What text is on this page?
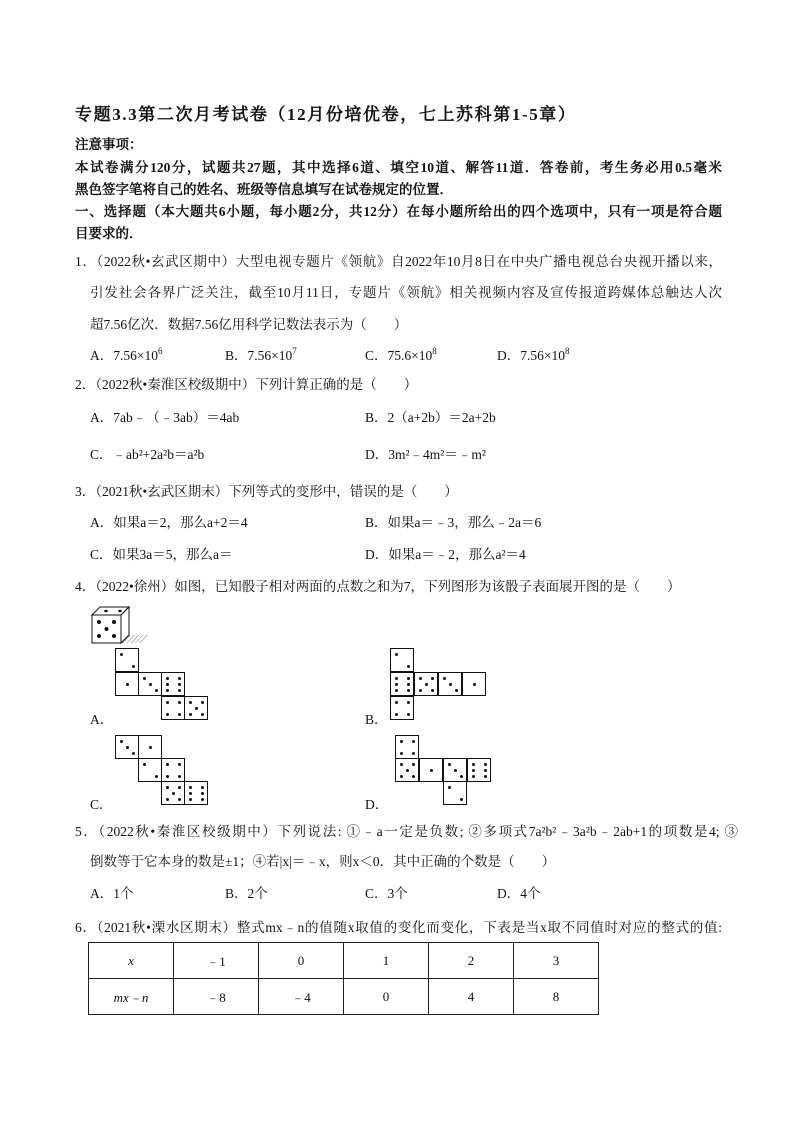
专题3.3第二次月考试卷（12月份培优卷，七上苏科第1-5章）
注意事项：
本试卷满分120分，试题共27题，其中选择6道、填空10道、解答11道．答卷前，考生务必用0.5毫米
黑色签字笔将自己的姓名、班级等信息填写在试卷规定的位置．
一、选择题（本大题共6小题，每小题2分，共12分）在每小题所给出的四个选项中，只有一项是符合题
目要求的．
1．（2022秋•玄武区期中）大型电视专题片《领航》自2022年10月8日在中央广播电视总台央视开播以来，
引发社会各界广泛关注，截至10月11日，专题片《领航》相关视频内容及宣传报道跨媒体总触达人次
超7.56亿次．数据7.56亿用科学记数法表示为（　　）
A．$7.56\times 10^6$	B．$7.56\times 10^7$	C．$75.6\times 10^8$	D．$7.56\times 10^8$
2．（2022秋•秦淮区校级期中）下列计算正确的是（　　）
A．7ab﹣（﹣3ab）＝4ab	B．2（a+2b）＝2a+2b
C．﹣ab²+2a²b＝a²b	D．3m²﹣4m²＝﹣m²
3．（2021秋•玄武区期末）下列等式的变形中，错误的是（　　）
A．如果a＝2，那么a+2＝4	B．如果a＝﹣3，那么﹣2a＝6
C．如果3a＝5，那么a＝	D．如果a＝﹣2，那么a²＝4
4．（2022•徐州）如图，已知骰子相对两面的点数之和为7，下列图形为该骰子表面展开图的是（　　）
A．	B．
C．	D．
5．（2022秋•秦淮区校级期中）下列说法: ①﹣a一定是负数; ②多项式7a²b²﹣3a²b﹣2ab+1的项数是4; ③
倒数等于它本身的数是±1；④若|x|＝﹣x，则x＜0．其中正确的个数是（　　）
A．1个	B．2个	C．3个	D．4个
6．（2021秋•溧水区期末）整式mx﹣n的值随x取值的变化而变化，下表是当x取不同值时对应的整式的值:
x	﹣1	0	1	2	3
mx﹣n	﹣8	﹣4	0	4	8
